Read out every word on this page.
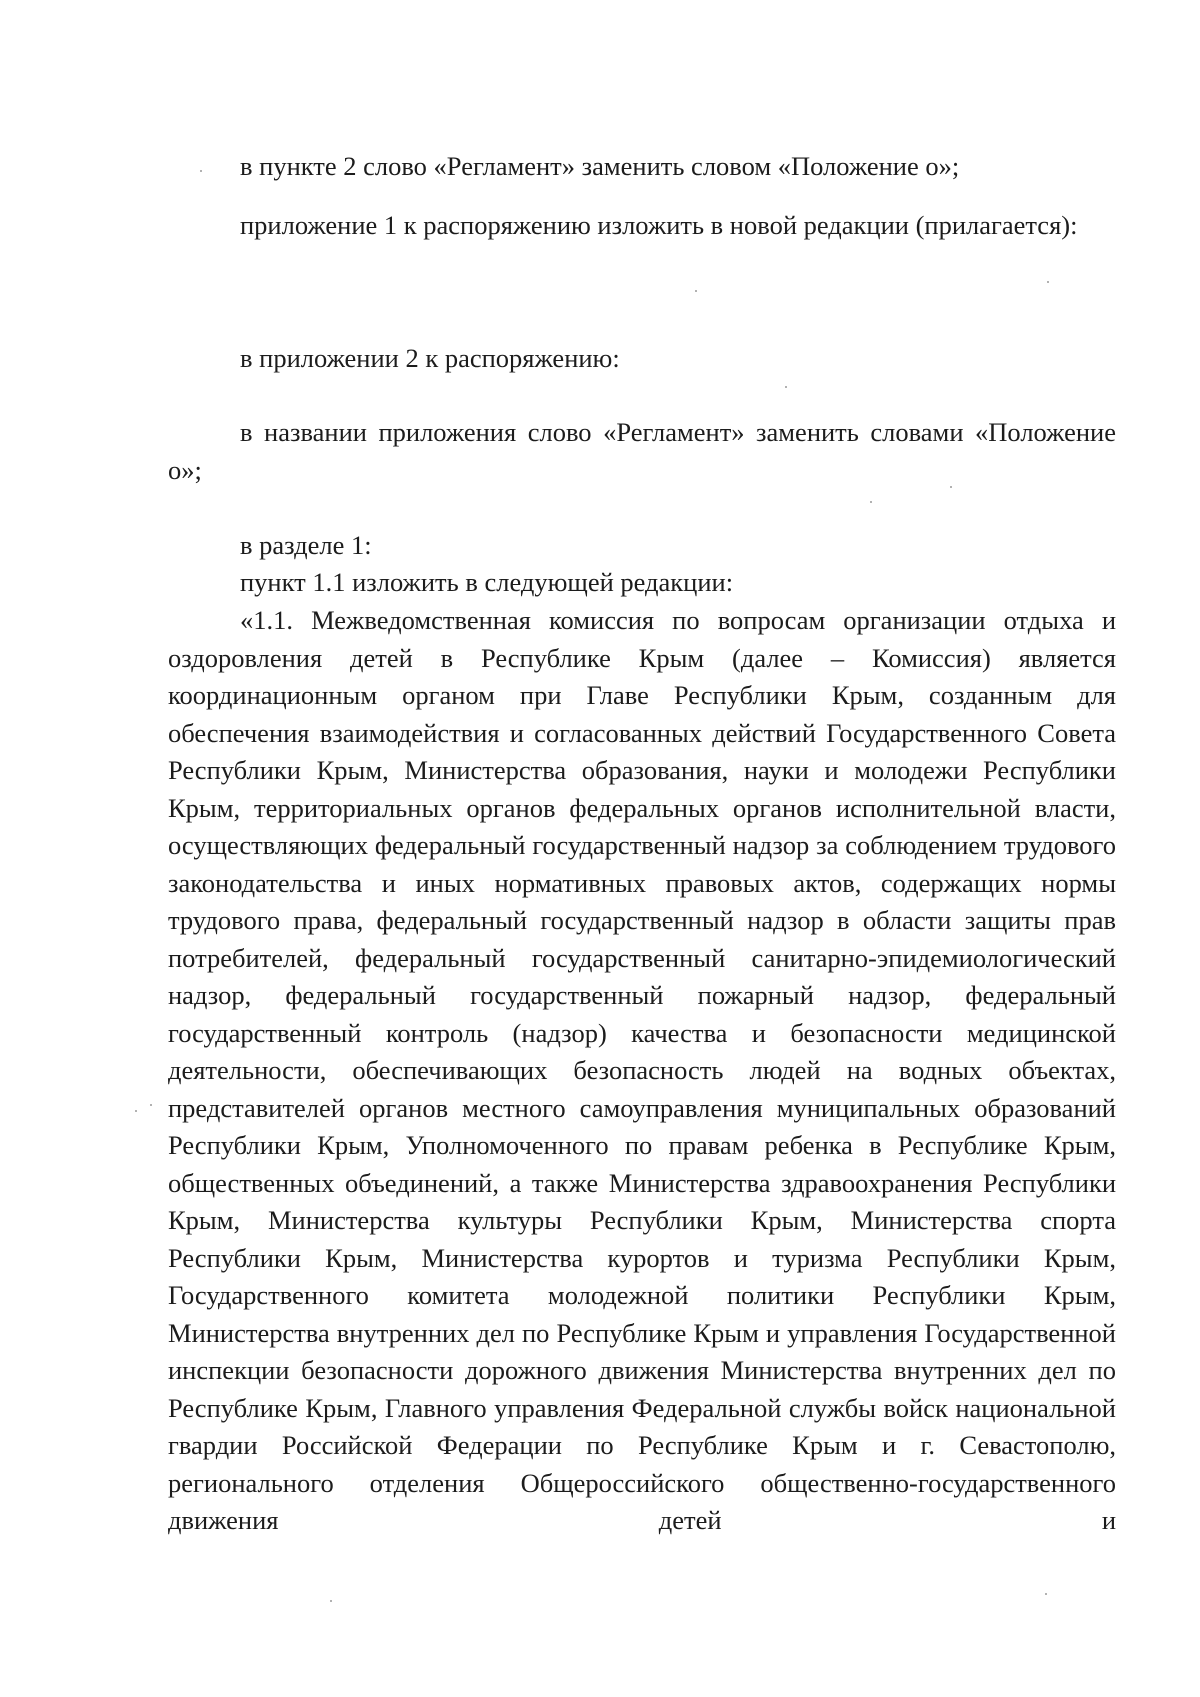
в пункте 2 слово «Регламент» заменить словом «Положение о»;

приложение 1 к распоряжению изложить в новой редакции (прилагается):

в приложении 2 к распоряжению:

в названии приложения слово «Регламент» заменить словами «Положение о»;

в разделе 1:

пункт 1.1 изложить в следующей редакции:

«1.1. Межведомственная комиссия по вопросам организации отдыха и оздоровления детей в Республике Крым (далее – Комиссия) является координационным органом при Главе Республики Крым, созданным для обеспечения взаимодействия и согласованных действий Государственного Совета Республики Крым, Министерства образования, науки и молодежи Республики Крым, территориальных органов федеральных органов исполнительной власти, осуществляющих федеральный государственный надзор за соблюдением трудового законодательства и иных нормативных правовых актов, содержащих нормы трудового права, федеральный государственный надзор в области защиты прав потребителей, федеральный государственный санитарно-эпидемиологический надзор, федеральный государственный пожарный надзор, федеральный государственный контроль (надзор) качества и безопасности медицинской деятельности, обеспечивающих безопасность людей на водных объектах, представителей органов местного самоуправления муниципальных образований Республики Крым, Уполномоченного по правам ребенка в Республике Крым, общественных объединений, а также Министерства здравоохранения Республики Крым, Министерства культуры Республики Крым, Министерства спорта Республики Крым, Министерства курортов и туризма Республики Крым, Государственного комитета молодежной политики Республики Крым, Министерства внутренних дел по Республике Крым и управления Государственной инспекции безопасности дорожного движения Министерства внутренних дел по Республике Крым, Главного управления Федеральной службы войск национальной гвардии Российской Федерации по Республике Крым и г. Севастополю, регионального отделения Общероссийского общественно-государственного движения детей и
